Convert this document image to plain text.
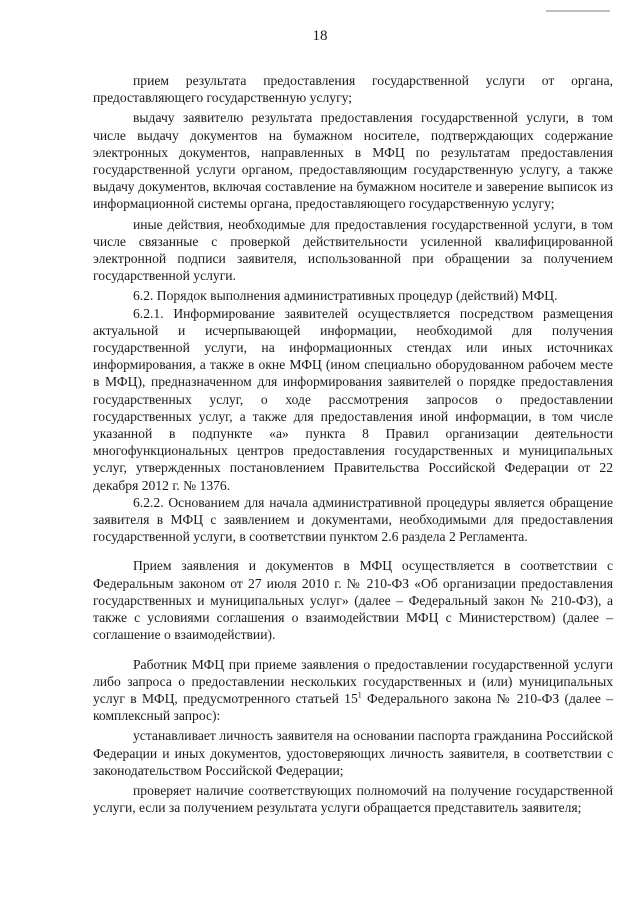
18

прием результата предоставления государственной услуги от органа, предоставляющего государственную услугу;

выдачу заявителю результата предоставления государственной услуги, в том числе выдачу документов на бумажном носителе, подтверждающих содержание электронных документов, направленных в МФЦ по результатам предоставления государственной услуги органом, предоставляющим государственную услугу, а также выдачу документов, включая составление на бумажном носителе и заверение выписок из информационной системы органа, предоставляющего государственную услугу;

иные действия, необходимые для предоставления государственной услуги, в том числе связанные с проверкой действительности усиленной квалифицированной электронной подписи заявителя, использованной при обращении за получением государственной услуги.

6.2. Порядок выполнения административных процедур (действий) МФЦ.

6.2.1. Информирование заявителей осуществляется посредством размещения актуальной и исчерпывающей информации, необходимой для получения государственной услуги, на информационных стендах или иных источниках информирования, а также в окне МФЦ (ином специально оборудованном рабочем месте в МФЦ), предназначенном для информирования заявителей о порядке предоставления государственных услуг, о ходе рассмотрения запросов о предоставлении государственных услуг, а также для предоставления иной информации, в том числе указанной в подпункте «а» пункта 8 Правил организации деятельности многофункциональных центров предоставления государственных и муниципальных услуг, утвержденных постановлением Правительства Российской Федерации от 22 декабря 2012 г. № 1376.

6.2.2. Основанием для начала административной процедуры является обращение заявителя в МФЦ с заявлением и документами, необходимыми для предоставления государственной услуги, в соответствии пунктом 2.6 раздела 2 Регламента.

Прием заявления и документов в МФЦ осуществляется в соответствии с Федеральным законом от 27 июля 2010 г. № 210-ФЗ «Об организации предоставления государственных и муниципальных услуг» (далее – Федеральный закон № 210-ФЗ), а также с условиями соглашения о взаимодействии МФЦ с Министерством) (далее – соглашение о взаимодействии).

Работник МФЦ при приеме заявления о предоставлении государственной услуги либо запроса о предоставлении нескольких государственных и (или) муниципальных услуг в МФЦ, предусмотренного статьей $15^1$ Федерального закона № 210-ФЗ (далее – комплексный запрос):

устанавливает личность заявителя на основании паспорта гражданина Российской Федерации и иных документов, удостоверяющих личность заявителя, в соответствии с законодательством Российской Федерации;

проверяет наличие соответствующих полномочий на получение государственной услуги, если за получением результата услуги обращается представитель заявителя;
